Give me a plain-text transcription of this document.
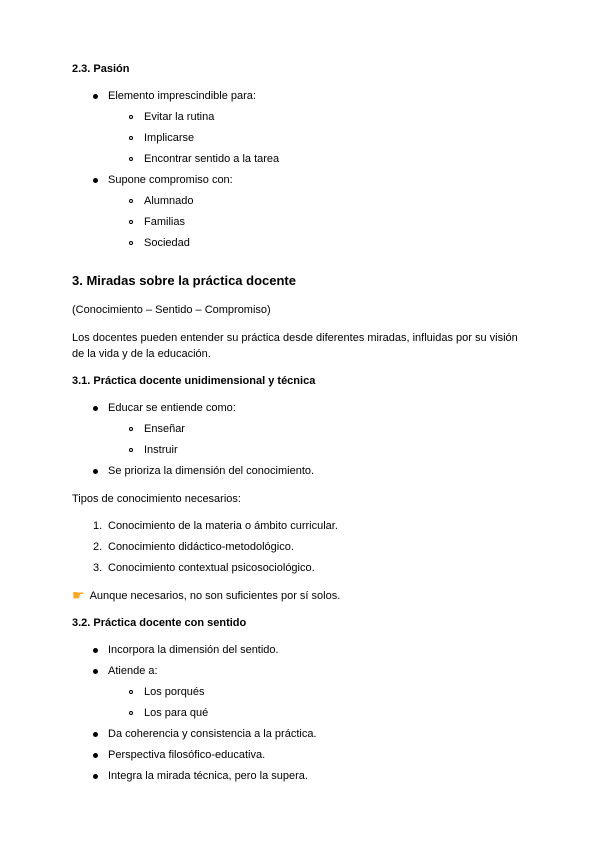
2.3. Pasión
Elemento imprescindible para:
Evitar la rutina
Implicarse
Encontrar sentido a la tarea
Supone compromiso con:
Alumnado
Familias
Sociedad
3. Miradas sobre la práctica docente
(Conocimiento – Sentido – Compromiso)
Los docentes pueden entender su práctica desde diferentes miradas, influidas por su visión de la vida y de la educación.
3.1. Práctica docente unidimensional y técnica
Educar se entiende como:
Enseñar
Instruir
Se prioriza la dimensión del conocimiento.
Tipos de conocimiento necesarios:
1. Conocimiento de la materia o ámbito curricular.
2. Conocimiento didáctico-metodológico.
3. Conocimiento contextual psicosociológico.
☛ Aunque necesarios, no son suficientes por sí solos.
3.2. Práctica docente con sentido
Incorpora la dimensión del sentido.
Atiende a:
Los porqués
Los para qué
Da coherencia y consistencia a la práctica.
Perspectiva filosófico-educativa.
Integra la mirada técnica, pero la supera.
